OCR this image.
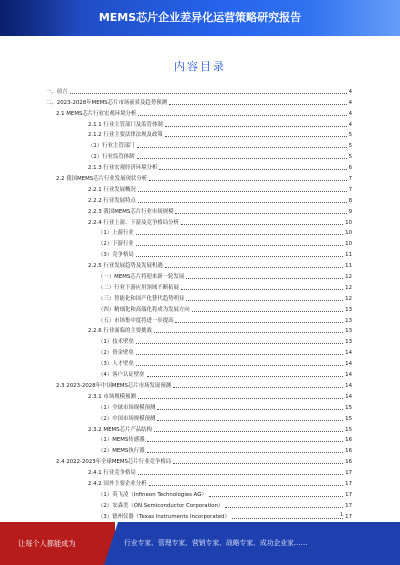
MEMS芯片企业差异化运营策略研究报告
内容目录
一、前言	4
二、2023-2028年MEMS芯片市场前景及趋势预测	4
2.1 MEMS芯片行业宏观环境分析	4
2.1.1 行业主管部门及监管体制	4
2.1.2 行业主要法律法规及政策	5
（1）行业主管部门	5
（2）行业监管体制	5
2.1.3 行业宏观经济环境分析	6
2.2 我国MEMS芯片行业发展现状分析	7
2.2.1 行业发展概况	7
2.2.2 行业发展特点	8
2.2.3 我国MEMS芯片行业市场规模	9
2.2.4 行业上游、下游及竞争格局分析	10
（1）上游行业	10
（2）下游行业	10
（3）竞争格局	11
2.2.5 行业发展趋势及发展机遇	11
（一）MEMS芯片将迎来新一轮发展	12
（二）行业下游应用领域不断拓展	12
（三）智能化和国产化替代趋势明显	12
（四）精细化和高端化将成为发展方向	13
（五）市场集中度将进一步提高	13
2.2.6 行业面临的主要挑战	13
（1）技术壁垒	13
（2）资金壁垒	14
（3）人才壁垒	14
（4）客户认证壁垒	14
2.3 2023-2028年中国MEMS芯片市场发展预测	14
2.3.1 市场规模预测	14
（1）全球市场规模预测	15
（2）中国市场规模预测	15
2.3.2 MEMS芯片产品结构	15
（1）MEMS传感器	16
（2）MEMS执行器	16
2.4 2022-2023年全球MEMS芯片行业竞争格局	16
2.4.1 行业竞争格局	17
2.4.2 国外主要企业分析	17
（1）英飞凌（Infineon Technologies AG）	17
（2）安森美（ON Semiconductor Corporation）	17
（3）德州仪器（Texas Instruments Incorporated）	17
1
让每个人都能成为	行业专家、管理专家、营销专家、战略专家、成功企业家……
